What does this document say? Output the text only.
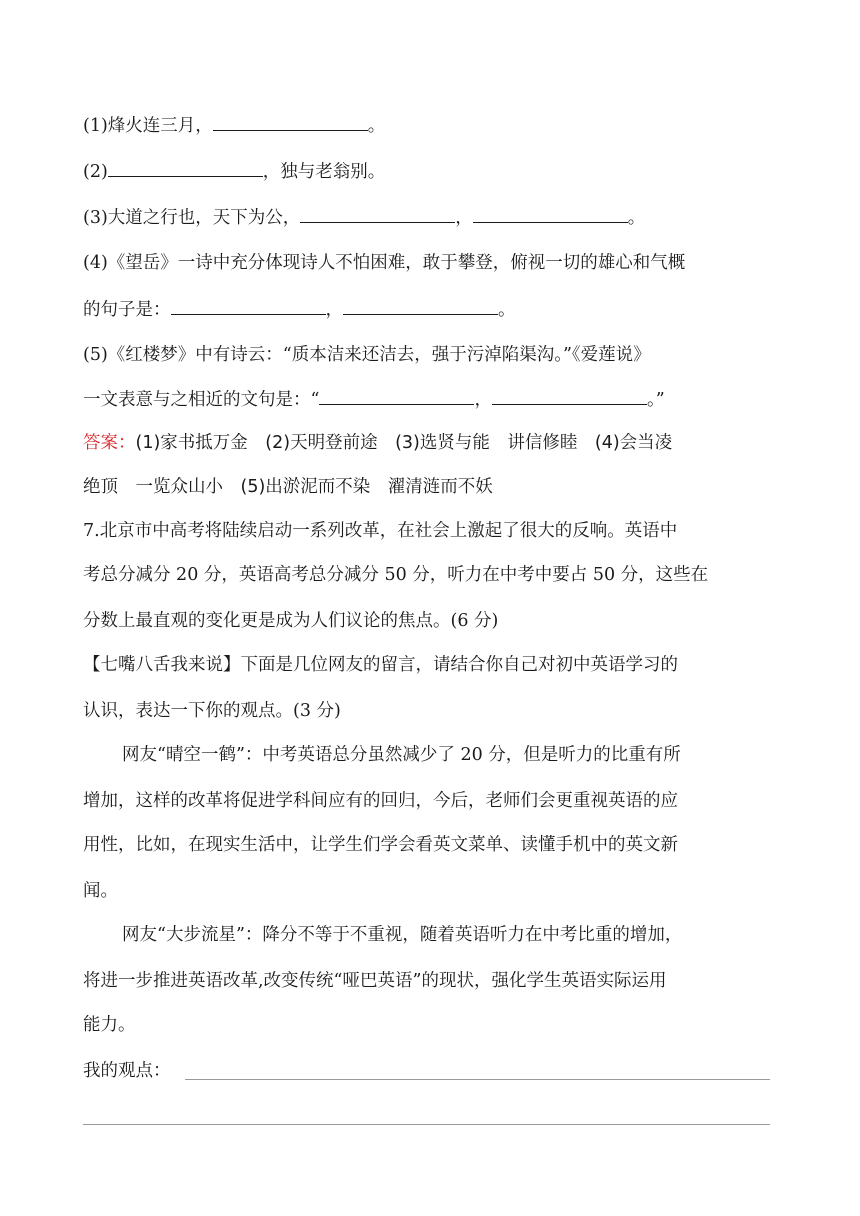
(1)烽火连三月，	。
(2)	，独与老翁别。
(3)大道之行也，天下为公，	，	。
(4)《望岳》一诗中充分体现诗人不怕困难，敢于攀登，俯视一切的雄心和气概
的句子是：	，	。
(5)《红楼梦》中有诗云：“质本洁来还洁去，强于污淖陷渠沟。”《爱莲说》
一文表意与之相近的文句是：“	，	。”
答案：(1)家书抵万金　(2)天明登前途　(3)选贤与能　讲信修睦　(4)会当凌
绝顶　一览众山小　(5)出淤泥而不染　濯清涟而不妖
7.北京市中高考将陆续启动一系列改革，在社会上激起了很大的反响。英语中
考总分减分 20 分，英语高考总分减分 50 分，听力在中考中要占 50 分，这些在
分数上最直观的变化更是成为人们议论的焦点。(6 分)
【七嘴八舌我来说】下面是几位网友的留言，请结合你自己对初中英语学习的
认识，表达一下你的观点。(3 分)
网友“晴空一鹤”：中考英语总分虽然减少了 20 分，但是听力的比重有所
增加，这样的改革将促进学科间应有的回归，今后，老师们会更重视英语的应
用性，比如，在现实生活中，让学生们学会看英文菜单、读懂手机中的英文新
闻。
网友“大步流星”：降分不等于不重视，随着英语听力在中考比重的增加，
将进一步推进英语改革,改变传统“哑巴英语”的现状，强化学生英语实际运用
能力。
我的观点：
